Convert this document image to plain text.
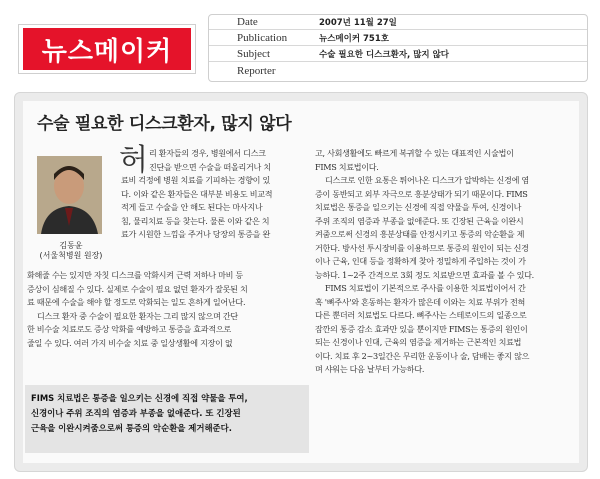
뉴스메이커
Date	2007년 11월 27일
Publication	뉴스메이커 751호
Subject	수술 필요한 디스크환자, 많지 않다
Reporter
수술 필요한 디스크환자, 많지 않다
김동윤
(서울척병원 원장)
허 리 환자들의 경우, 병원에서 디스크

진단을 받으면 수술을 떠올리거나 치

료비 걱정에 병원 치료를 기피하는 경향이 있

다. 이와 같은 환자들은 대부분 비용도 비교적

적게 들고 수술을 안 해도 된다는 마사지나

침, 물리치료 등을 찾는다. 물론 이와 같은 치

료가 시원한 느낌을 주거나 당장의 통증을 완

화해줄 수는 있지만 자칫 디스크를 악화시켜 근력 저하나 마비 등

증상이 심해질 수 있다. 실제로 수술이 필요 없던 환자가 잘못된 치

료 때문에 수술을 해야 할 정도로 악화되는 일도 흔하게 일어난다.

디스크 환자 중 수술이 필요한 환자는 그리 많지 않으며 간단

한 비수술 치료로도 증상 악화를 예방하고 통증을 효과적으로

줄일 수 있다. 여러 가지 비수술 치료 중 일상생활에 지장이 없

FIMS 치료법은 통증을 일으키는 신경에 직접 약물을 투여,

신경이나 주위 조직의 염증과 부종을 없애준다. 또 긴장된

근육을 이완시켜줌으로써 통증의 악순환을 제거해준다.

고, 사회생활에도 빠르게 복귀할 수 있는 대표적인 시술법이

FIMS 치료법이다.

디스크로 인한 요통은 튀어나온 디스크가 압박하는 신경에 염

증이 동반되고 외부 자극으로 흥분상태가 되기 때문이다. FIMS

치료법은 통증을 일으키는 신경에 직접 약물을 투여, 신경이나

주위 조직의 염증과 부종을 없애준다. 또 긴장된 근육을 이완시

켜줌으로써 신경의 흥분상태를 안정시키고 통증의 악순환을 제

거한다. 방사선 투시장비를 이용하므로 통증의 원인이 되는 신경

이나 근육, 인대 등을 정확하게 찾아 정밀하게 주입하는 것이 가

능하다. 1~2주 간격으로 3회 정도 치료받으면 효과를 볼 수 있다.

FIMS 치료법이 기본적으로 주사를 이용한 치료법이어서 간

혹 '뼈주사'와 혼동하는 환자가 많은데 이와는 치료 부위가 전혀

다른 뿐더러 치료법도 다르다. 뼈주사는 스테로이드의 일종으로

잠깐의 통증 감소 효과만 있을 뿐이지만 FIMS는 통증의 원인이

되는 신경이나 인대, 근육의 염증을 제거하는 근본적인 치료법

이다. 치료 후 2~3일간은 무리한 운동이나 술, 담배는 좋지 않으

며 샤워는 다음 날부터 가능하다.
